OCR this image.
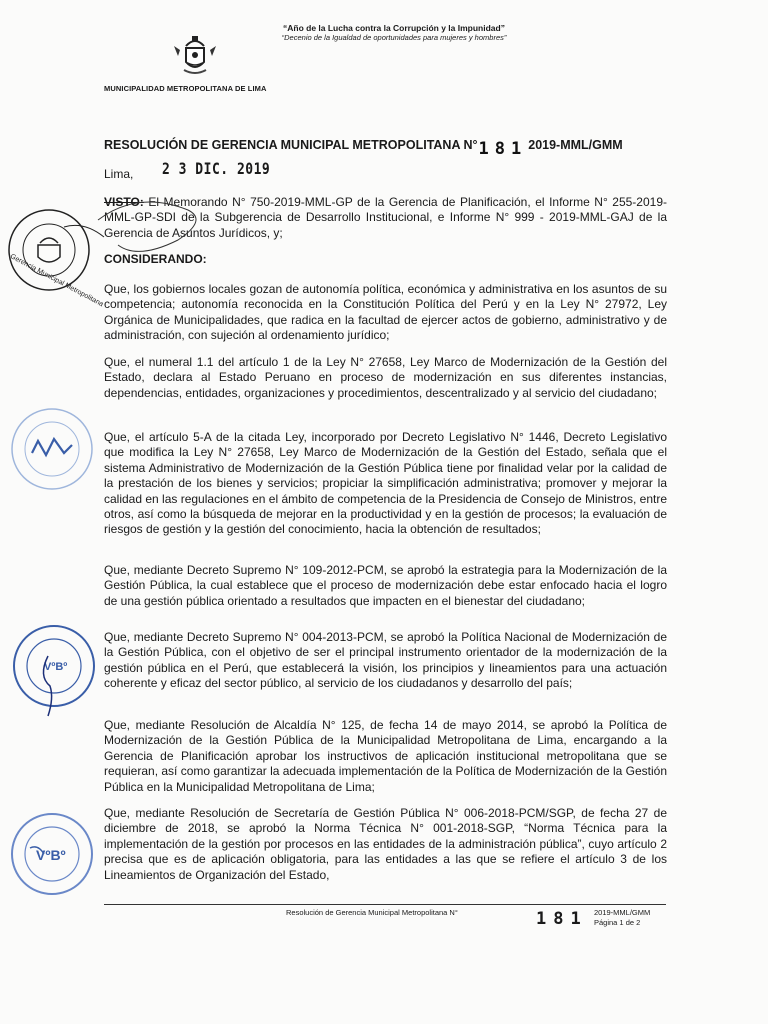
“Año de la Lucha contra la Corrupción y la Impunidad”
“Decenio de la Igualdad de oportunidades para mujeres y hombres”
MUNICIPALIDAD METROPOLITANA DE LIMA
RESOLUCIÓN DE GERENCIA MUNICIPAL METROPOLITANA N°1812019-MML/GMM
Lima, 2 3 DIC. 2019

VISTO: El Memorando N° 750-2019-MML-GP de la Gerencia de Planificación, el Informe N° 255-2019-MML-GP-SDI de la Subgerencia de Desarrollo Institucional, e Informe N° 999 - 2019-MML-GAJ de la Gerencia de Asuntos Jurídicos, y;

CONSIDERANDO:

Que, los gobiernos locales gozan de autonomía política, económica y administrativa en los asuntos de su competencia; autonomía reconocida en la Constitución Política del Perú y en la Ley N° 27972, Ley Orgánica de Municipalidades, que radica en la facultad de ejercer actos de gobierno, administrativo y de administración, con sujeción al ordenamiento jurídico;

Que, el numeral 1.1 del artículo 1 de la Ley N° 27658, Ley Marco de Modernización de la Gestión del Estado, declara al Estado Peruano en proceso de modernización en sus diferentes instancias, dependencias, entidades, organizaciones y procedimientos, descentralizado y al servicio del ciudadano;

Que, el artículo 5-A de la citada Ley, incorporado por Decreto Legislativo N° 1446, Decreto Legislativo que modifica la Ley N° 27658, Ley Marco de Modernización de la Gestión del Estado, señala que el sistema Administrativo de Modernización de la Gestión Pública tiene por finalidad velar por la calidad de la prestación de los bienes y servicios; propiciar la simplificación administrativa; promover y mejorar la calidad en las regulaciones en el ámbito de competencia de la Presidencia de Consejo de Ministros, entre otros, así como la búsqueda de mejorar en la productividad y en la gestión de procesos; la evaluación de riesgos de gestión y la gestión del conocimiento, hacia la obtención de resultados;

Que, mediante Decreto Supremo N° 109-2012-PCM, se aprobó la estrategia para la Modernización de la Gestión Pública, la cual establece que el proceso de modernización debe estar enfocado hacia el logro de una gestión pública orientado a resultados que impacten en el bienestar del ciudadano;

Que, mediante Decreto Supremo N° 004-2013-PCM, se aprobó la Política Nacional de Modernización de la Gestión Pública, con el objetivo de ser el principal instrumento orientador de la modernización de la gestión pública en el Perú, que establecerá la visión, los principios y lineamientos para una actuación coherente y eficaz del sector público, al servicio de los ciudadanos y desarrollo del país;

Que, mediante Resolución de Alcaldía N° 125, de fecha 14 de mayo 2014, se aprobó la Política de Modernización de la Gestión Pública de la Municipalidad Metropolitana de Lima, encargando a la Gerencia de Planificación aprobar los instructivos de aplicación institucional metropolitana que se requieran, así como garantizar la adecuada implementación de la Política de Modernización de la Gestión Pública en la Municipalidad Metropolitana de Lima;

Que, mediante Resolución de Secretaría de Gestión Pública N° 006-2018-PCM/SGP, de fecha 27 de diciembre de 2018, se aprobó la Norma Técnica N° 001-2018-SGP, “Norma Técnica para la implementación de la gestión por procesos en las entidades de la administración pública”, cuyo artículo 2 precisa que es de aplicación obligatoria, para las entidades a las que se refiere el artículo 3 de los Lineamientos de Organización del Estado,

Gerencia Municipal Metropolitana
VºBº
VºBº
Resolución de Gerencia Municipal Metropolitana N°	181 2019-MML/GMM
Página 1 de 2
